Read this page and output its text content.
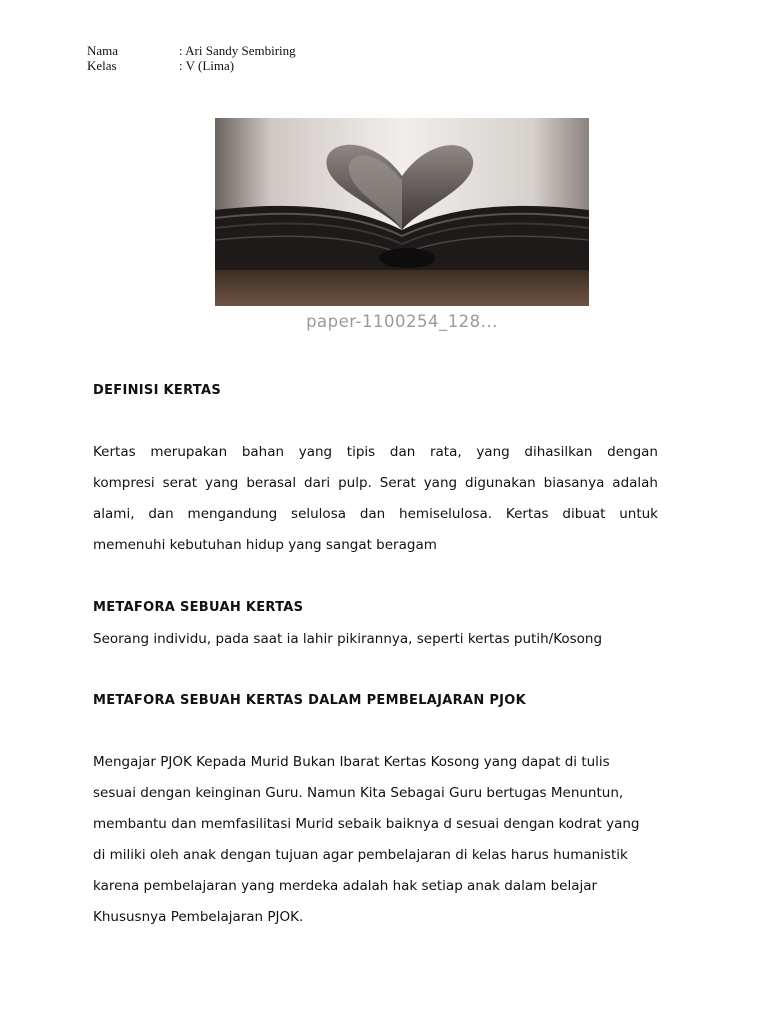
Nama	: Ari Sandy Sembiring
Kelas	: V (Lima)
paper-1100254_128...
DEFINISI KERTAS
Kertas merupakan bahan yang tipis dan rata, yang dihasilkan dengan
kompresi serat yang berasal dari pulp. Serat yang digunakan biasanya adalah
alami, dan mengandung selulosa dan hemiselulosa. Kertas dibuat untuk
memenuhi kebutuhan hidup yang sangat beragam
METAFORA SEBUAH KERTAS
Seorang individu, pada saat ia lahir pikirannya, seperti kertas putih/Kosong
METAFORA SEBUAH KERTAS DALAM PEMBELAJARAN PJOK
Mengajar PJOK Kepada Murid Bukan Ibarat Kertas Kosong yang dapat di tulis
sesuai dengan keinginan Guru. Namun Kita Sebagai Guru bertugas Menuntun,
membantu dan memfasilitasi Murid sebaik baiknya d sesuai dengan kodrat yang
di miliki oleh anak dengan tujuan agar pembelajaran di kelas harus humanistik
karena pembelajaran yang merdeka adalah hak setiap anak dalam belajar
Khususnya Pembelajaran PJOK.
